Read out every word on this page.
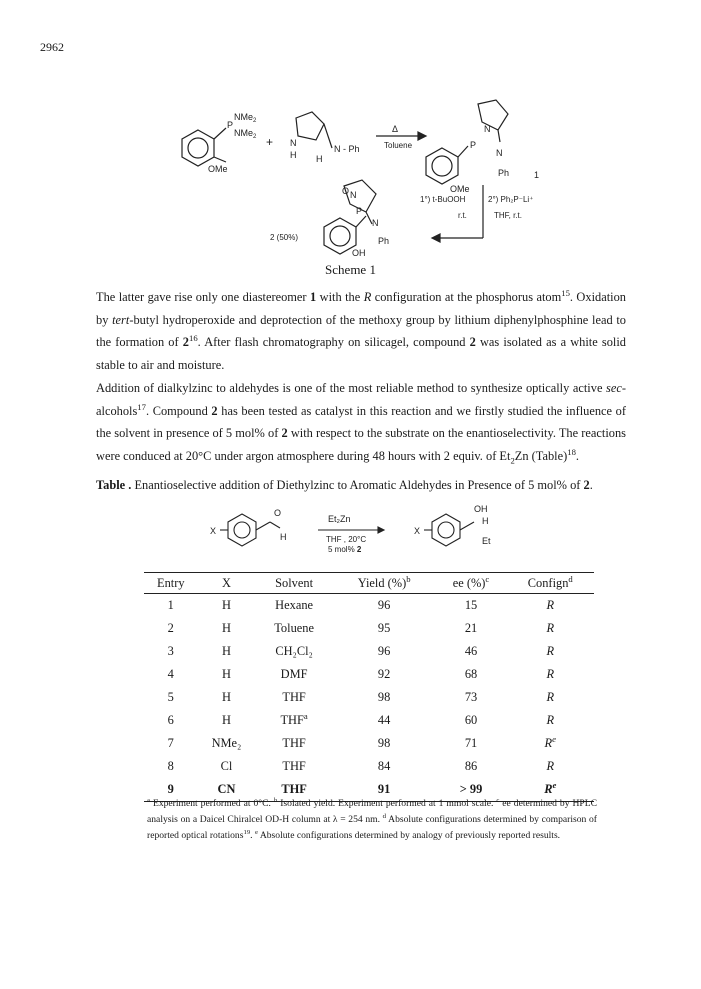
2962
P
NMe$_2$
NMe$_2$
OMe
+ N
H H
N - Ph
Δ
Toluene	P
N
N
OMe
Ph	1
1°) t-BuOOH
r.t.
2°) Ph₂P⁻Li⁺
THF, r.t.
O
P
N
N
OH
Ph
2 (50%)
Scheme 1
The latter gave rise only one diastereomer 1 with the R configuration at the phosphorus atom$^{15}$. Oxidation by tert-butyl hydroperoxide and deprotection of the methoxy group by lithium diphenylphosphine lead to the formation of $2^{16}$. After flash chromatography on silicagel, compound 2 was isolated as a white solid stable to air and moisture.
Addition of dialkylzinc to aldehydes is one of the most reliable method to synthesize optically active sec-alcohols$^{17}$. Compound 2 has been tested as catalyst in this reaction and we firstly studied the influence of the solvent in presence of 5 mol% of 2 with respect to the substrate on the enantioselectivity. The reactions were conduced at 20°C under argon atmosphere during 48 hours with 2 equiv. of $Et_2Zn$ (Table)$^{18}$.
Table . Enantioselective addition of Diethylzinc to Aromatic Aldehydes in Presence of 5 mol% of 2.
X
O
H
Et₂Zn
THF , 20°C
5 mol% 2
X
OH
H
Et
Entry	X	Solvent	Yield (%)$^b$	ee (%)$^c$	Confign$^d$
1	H	Hexane	96	15	R
2	H	Toluene	95	21	R
3	H	CH₂Cl₂	96	46	R
4	H	DMF	92	68	R
5	H	THF	98	73	R
6	H	THF$^a$	44	60	R
7	NMe₂	THF	98	71	$R^e$
8	Cl	THF	84	86	R
9	CN	THF	91	> 99	$R^e$
$^a$ Experiment performed at 0°C. $^b$ Isolated yield. Experiment performed at 1 mmol scale. $^c$ ee determined by HPLC analysis on a Daicel Chiralcel OD-H column at λ = 254 nm. $^d$ Absolute configurations determined by comparison of reported optical rotations$^{19}$. $^e$ Absolute configurations determined by analogy of previously reported results.
